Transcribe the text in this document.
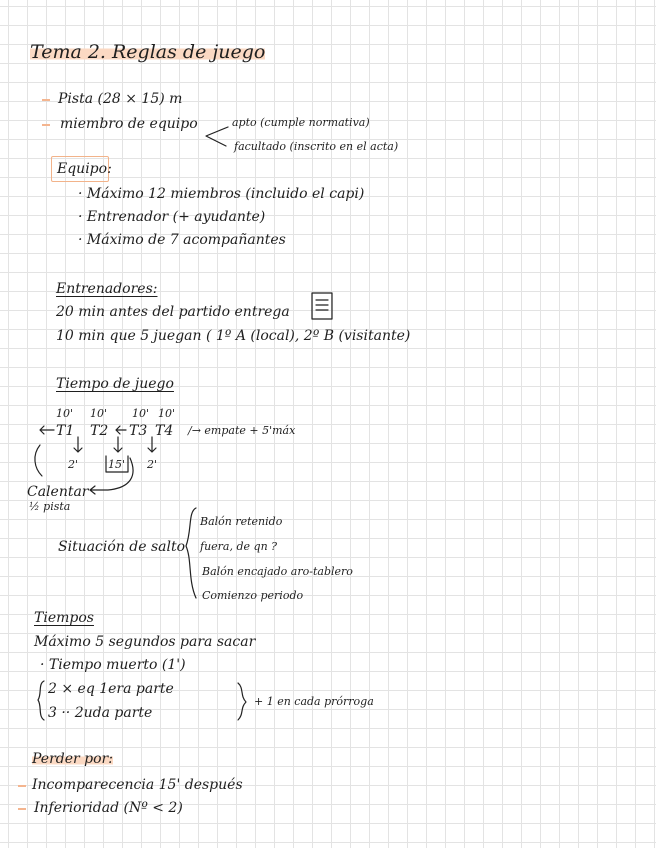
Tema 2. Reglas de juego
Pista (28 × 15) m
miembro de equipo	apto (cumple normativa)
facultado (inscrito en el acta)
Equipo:
· Máximo 12 miembros (incluido el capi)
· Entrenador (+ ayudante)
· Máximo de 7 acompañantes
Entrenadores:
20 min antes del partido entrega
10 min que 5 juegan ( 1º A (local), 2º B (visitante)
Tiempo de juego
10' 10' 10' 10'
T1 T2 T3 T4 /→ empate + 5'máx
2'	15' 2'
Calentar
½ pista
Situación de salto
Balón retenido
fuera, de qn ?
Balón encajado aro-tablero
Comienzo periodo
Tiempos
Máximo 5 segundos para sacar
· Tiempo muerto (1')
2 × eq 1era parte
3 ·· 2uda parte
+ 1 en cada prórroga
Perder por:
Incomparecencia 15' después
Inferioridad (Nº < 2)
